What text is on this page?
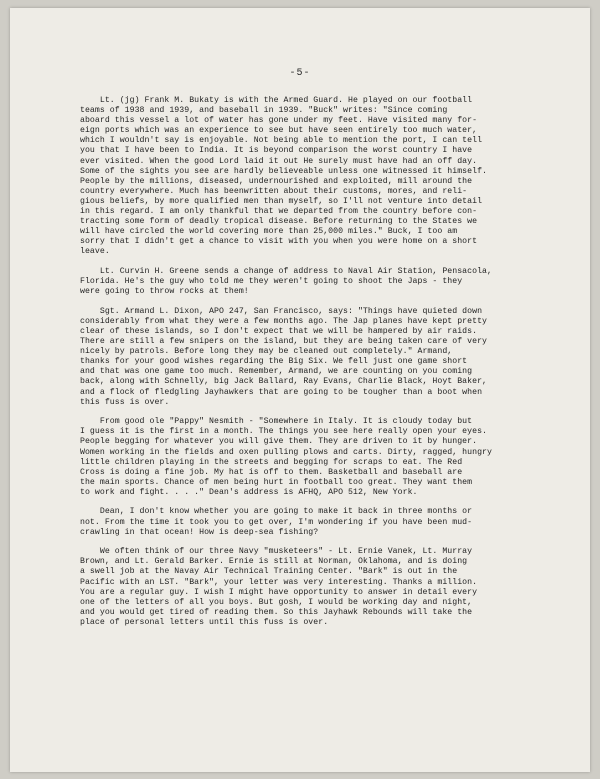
-5-
Lt. (jg) Frank M. Bukaty is with the Armed Guard. He played on our football
teams of 1938 and 1939, and baseball in 1939. "Buck" writes: "Since coming
aboard this vessel a lot of water has gone under my feet. Have visited many for-
eign ports which was an experience to see but have seen entirely too much water,
which I wouldn't say is enjoyable. Not being able to mention the port, I can tell
you that I have been to India. It is beyond comparison the worst country I have
ever visited. When the good Lord laid it out He surely must have had an off day.
Some of the sights you see are hardly believeable unless one witnessed it himself.
People by the millions, diseased, undernourished and exploited, mill around the
country everywhere. Much has beenwritten about their customs, mores, and reli-
gious beliefs, by more qualified men than myself, so I'll not venture into detail
in this regard. I am only thankful that we departed from the country before con-
tracting some form of deadly tropical disease. Before returning to the States we
will have circled the world covering more than 25,000 miles." Buck, I too am
sorry that I didn't get a chance to visit with you when you were home on a short
leave.
Lt. Curvin H. Greene sends a change of address to Naval Air Station, Pensacola,
Florida. He's the guy who told me they weren't going to shoot the Japs - they
were going to throw rocks at them!
Sgt. Armand L. Dixon, APO 247, San Francisco, says: "Things have quieted down
considerably from what they were a few months ago. The Jap planes have kept pretty
clear of these islands, so I don't expect that we will be hampered by air raids.
There are still a few snipers on the island, but they are being taken care of very
nicely by patrols. Before long they may be cleaned out completely." Armand,
thanks for your good wishes regarding the Big Six. We fell just one game short
and that was one game too much. Remember, Armand, we are counting on you coming
back, along with Schnelly, big Jack Ballard, Ray Evans, Charlie Black, Hoyt Baker,
and a flock of fledgling Jayhawkers that are going to be tougher than a boot when
this fuss is over.
From good ole "Pappy" Nesmith - "Somewhere in Italy. It is cloudy today but
I guess it is the first in a month. The things you see here really open your eyes.
People begging for whatever you will give them. They are driven to it by hunger.
Women working in the fields and oxen pulling plows and carts. Dirty, ragged, hungry
little children playing in the streets and begging for scraps to eat. The Red
Cross is doing a fine job. My hat is off to them. Basketball and baseball are
the main sports. Chance of men being hurt in football too great. They want them
to work and fight. . . ." Dean's address is AFHQ, APO 512, New York.
Dean, I don't know whether you are going to make it back in three months or
not. From the time it took you to get over, I'm wondering if you have been mud-
crawling in that ocean! How is deep-sea fishing?
We often think of our three Navy "musketeers" - Lt. Ernie Vanek, Lt. Murray
Brown, and Lt. Gerald Barker. Ernie is still at Norman, Oklahoma, and is doing
a swell job at the Navay Air Technical Training Center. "Bark" is out in the
Pacific with an LST. "Bark", your letter was very interesting. Thanks a million.
You are a regular guy. I wish I might have opportunity to answer in detail every
one of the letters of all you boys. But gosh, I would be working day and night,
and you would get tired of reading them. So this Jayhawk Rebounds will take the
place of personal letters until this fuss is over.
